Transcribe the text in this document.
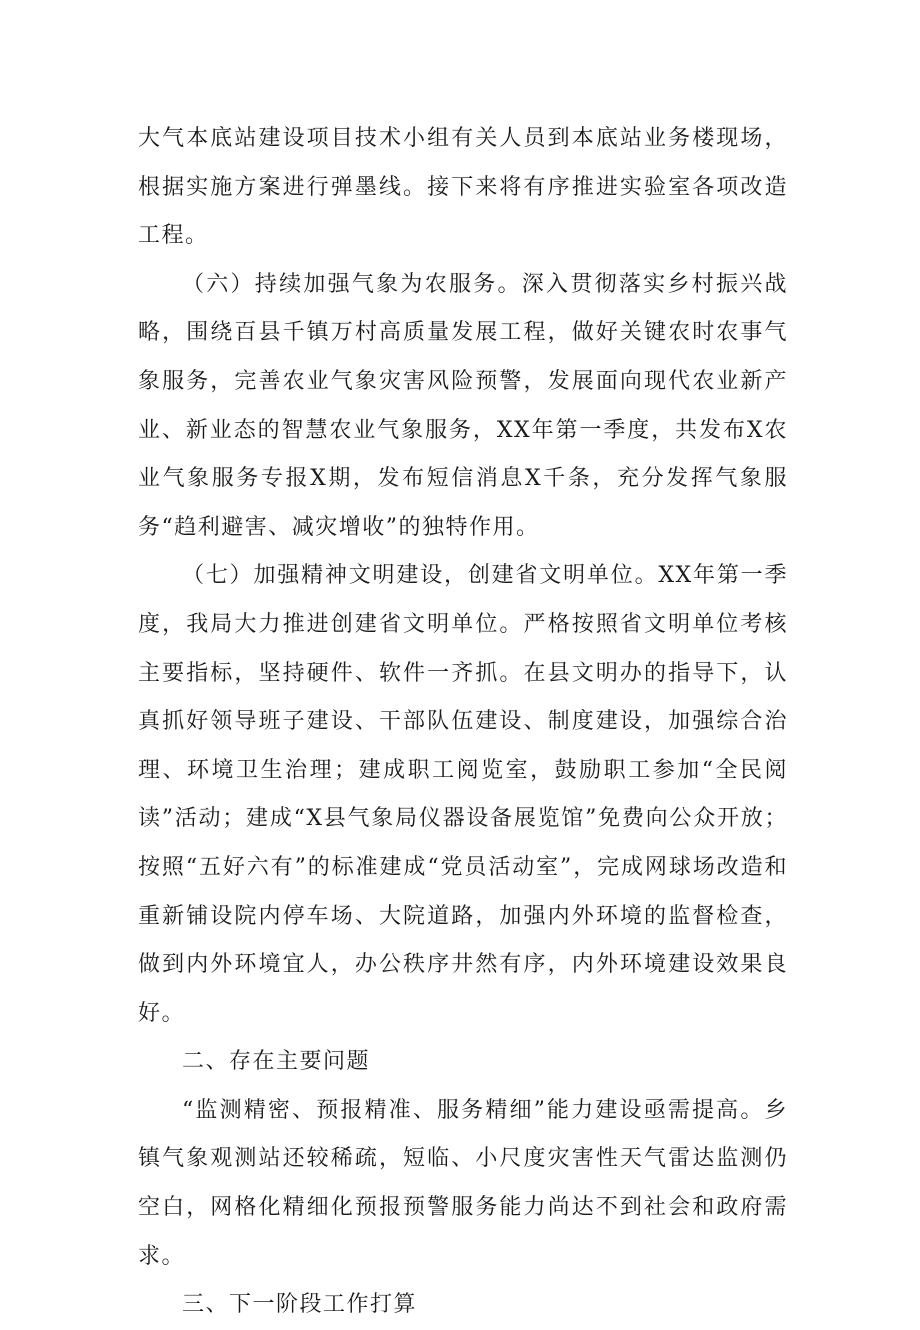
大气本底站建设项目技术小组有关人员到本底站业务楼现场，根据实施方案进行弹墨线。接下来将有序推进实验室各项改造工程。

（六）持续加强气象为农服务。深入贯彻落实乡村振兴战略，围绕百县千镇万村高质量发展工程，做好关键农时农事气象服务，完善农业气象灾害风险预警，发展面向现代农业新产业、新业态的智慧农业气象服务，XX年第一季度，共发布X农业气象服务专报X期，发布短信消息X千条，充分发挥气象服务“趋利避害、减灾增收”的独特作用。

（七）加强精神文明建设，创建省文明单位。XX年第一季度，我局大力推进创建省文明单位。严格按照省文明单位考核主要指标，坚持硬件、软件一齐抓。在县文明办的指导下，认真抓好领导班子建设、干部队伍建设、制度建设，加强综合治理、环境卫生治理；建成职工阅览室，鼓励职工参加“全民阅读”活动；建成“X县气象局仪器设备展览馆”免费向公众开放；按照“五好六有”的标准建成“党员活动室”，完成网球场改造和重新铺设院内停车场、大院道路，加强内外环境的监督检查，做到内外环境宜人，办公秩序井然有序，内外环境建设效果良好。

二、存在主要问题

“监测精密、预报精准、服务精细”能力建设亟需提高。乡镇气象观测站还较稀疏，短临、小尺度灾害性天气雷达监测仍空白，网格化精细化预报预警服务能力尚达不到社会和政府需求。

三、下一阶段工作打算
